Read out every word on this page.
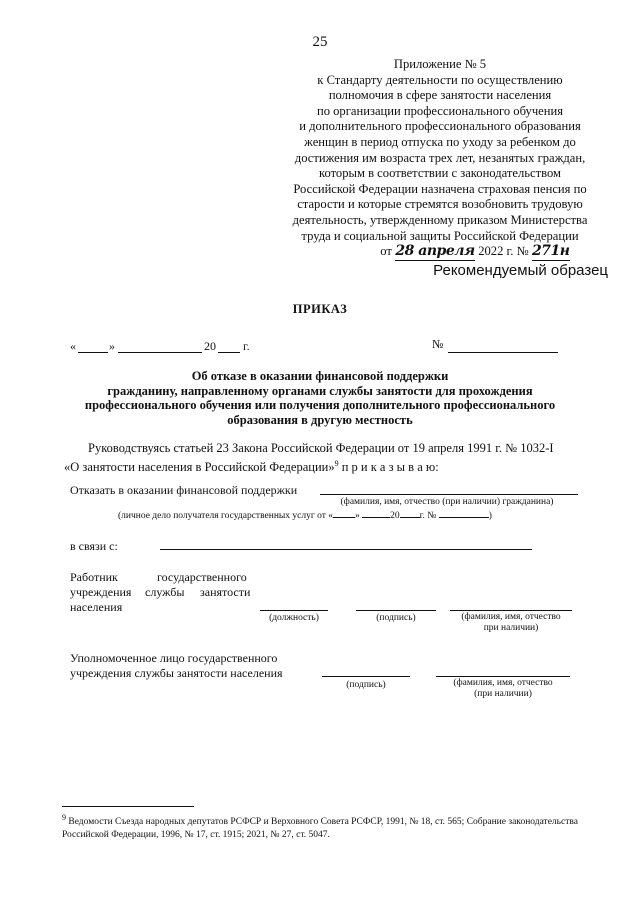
25
Приложение № 5
к Стандарту деятельности по осуществлению
полномочия в сфере занятости населения
по организации профессионального обучения
и дополнительного профессионального образования
женщин в период отпуска по уходу за ребенком до
достижения им возраста трех лет, незанятых граждан,
которым в соответствии с законодательством
Российской Федерации назначена страховая пенсия по
старости и которые стремятся возобновить трудовую
деятельность, утвержденному приказом Министерства
труда и социальной защиты Российской Федерации
от 28 апреля 2022 г. № 271н
Рекомендуемый образец
ПРИКАЗ
«	»	20 г.	№
Об отказе в оказании финансовой поддержки
гражданину, направленному органами службы занятости для прохождения
профессионального обучения или получения дополнительного профессионального
образования в другую местность
Руководствуясь статьей 23 Закона Российской Федерации от 19 апреля 1991 г. № 1032-I
«О занятости населения в Российской Федерации»$^9$ п р и к а з ы в а ю:
Отказать в оказании финансовой поддержки
(фамилия, имя, отчество (при наличии) гражданина)
(личное дело получателя государственных услуг от « »	20 г. №	)
в связи с:
Работник	государственного
учреждения службы занятости
населения
(должность)	(подпись)	(фамилия, имя, отчество
при наличии)
Уполномоченное лицо государственного
учреждения службы занятости населения
(подпись)	(фамилия, имя, отчество
(при наличии)
$^9$ Ведомости Съезда народных депутатов РСФСР и Верховного Совета РСФСР, 1991, № 18, ст. 565; Собрание законодательства Российской Федерации, 1996, № 17, ст. 1915; 2021, № 27, ст. 5047.
